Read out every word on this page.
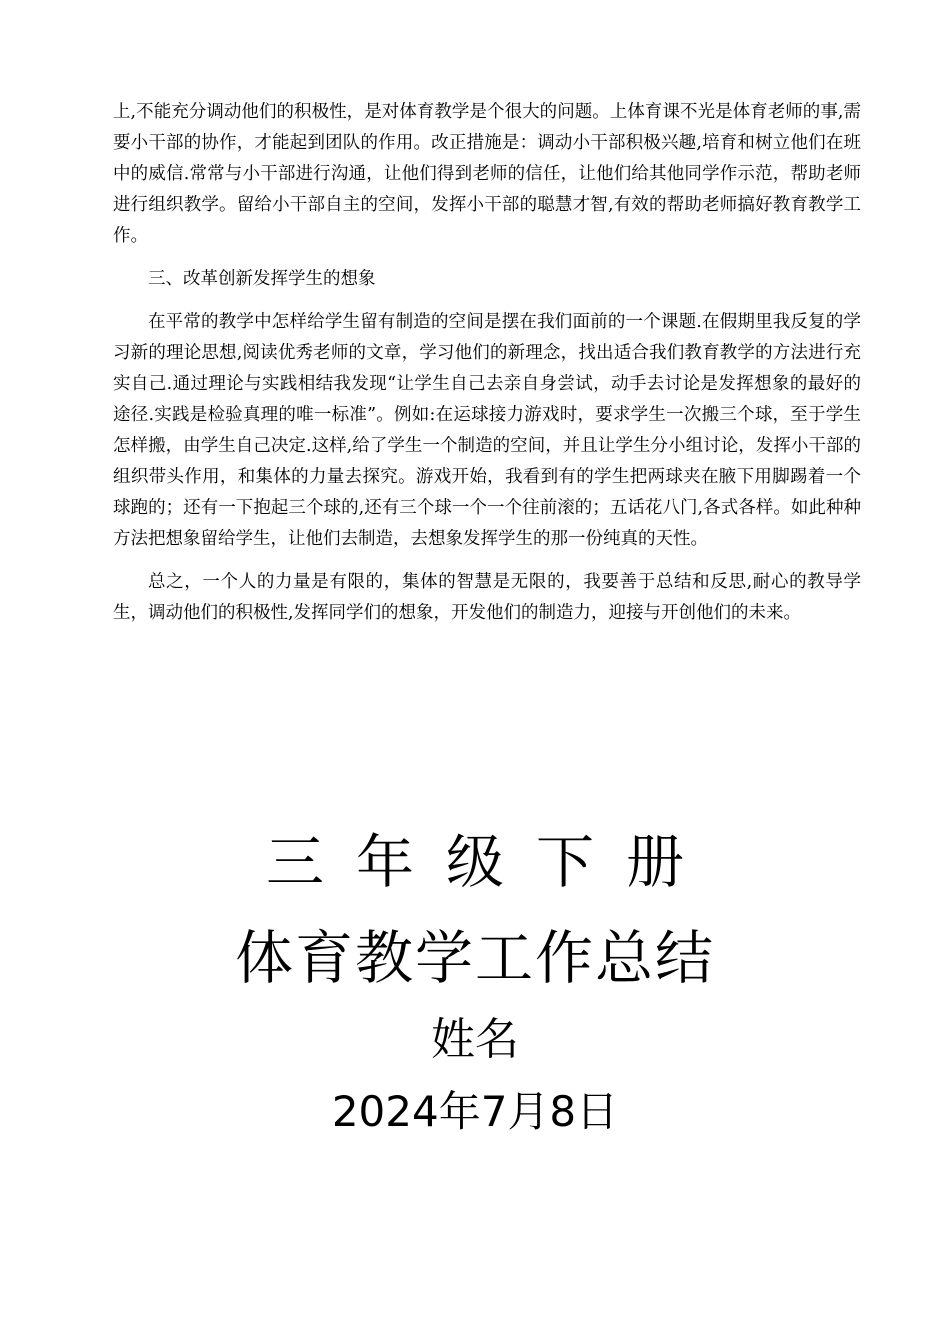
上,不能充分调动他们的积极性，是对体育教学是个很大的问题。上体育课不光是体育老师的事,需要小干部的协作，才能起到团队的作用。改正措施是：调动小干部积极兴趣,培育和树立他们在班中的威信.常常与小干部进行沟通，让他们得到老师的信任，让他们给其他同学作示范，帮助老师进行组织教学。留给小干部自主的空间，发挥小干部的聪慧才智,有效的帮助老师搞好教育教学工作。

三、改革创新发挥学生的想象

在平常的教学中怎样给学生留有制造的空间是摆在我们面前的一个课题.在假期里我反复的学习新的理论思想,阅读优秀老师的文章，学习他们的新理念，找出适合我们教育教学的方法进行充实自己.通过理论与实践相结我发现“让学生自己去亲自身尝试，动手去讨论是发挥想象的最好的途径.实践是检验真理的唯一标准”。例如:在运球接力游戏时，要求学生一次搬三个球，至于学生怎样搬，由学生自己决定.这样,给了学生一个制造的空间，并且让学生分小组讨论，发挥小干部的组织带头作用，和集体的力量去探究。游戏开始，我看到有的学生把两球夹在腋下用脚踢着一个球跑的；还有一下抱起三个球的,还有三个球一个一个往前滚的；五话花八门,各式各样。如此种种方法把想象留给学生，让他们去制造，去想象发挥学生的那一份纯真的天性。

总之，一个人的力量是有限的，集体的智慧是无限的，我要善于总结和反思,耐心的教导学生，调动他们的积极性,发挥同学们的想象，开发他们的制造力，迎接与开创他们的未来。

三年级下册
体育教学工作总结
姓名
2024年7月8日
